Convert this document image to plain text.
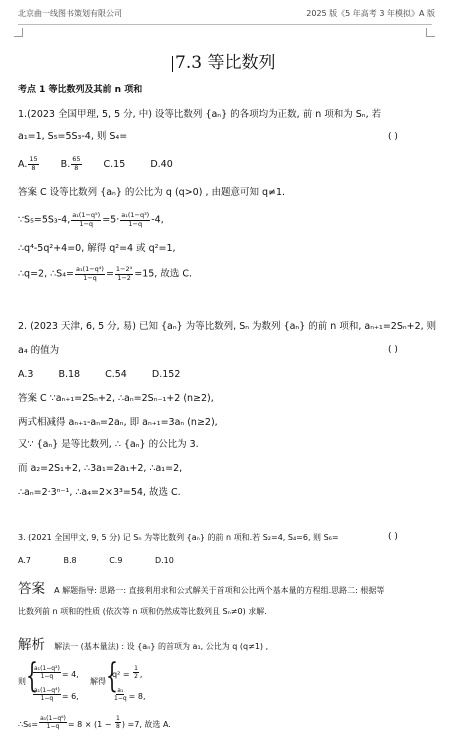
北京曲一线图书策划有限公司	2025 版《5 年高考 3 年模拟》A 版
7.3 等比数列
考点 1 等比数列及其前 n 项和
1.(2023 全国甲理, 5, 5 分, 中) 设等比数列 {aₙ} 的各项均为正数, 前 n 项和为 Sₙ, 若
a₁=1, S₅=5S₃-4, 则 S₄=	( )
A. $\frac{15}{8} B$. $\frac{65}{8} C.15$	D.40
答案 C 设等比数列 {aₙ} 的公比为 q (q>0) , 由题意可知 q≠1.
∵S₅=5S₃-4, $\frac{\text{a₁(1−q⁵)}}{1-q} =5\cdot \frac{\text{a₁(1−q³)}}{1-q} -4$,
∴q⁴-5q²+4=0, 解得 q²=4 或 q²=1,
∴q=2, ∴S₄= $\frac{\text{a₁(1−q⁴)}}{1-q} = \frac{\text{1−2⁴}}{1-2} =15$, 故选 C.
2. (2023 天津, 6, 5 分, 易) 已知 {aₙ} 为等比数列, Sₙ 为数列 {aₙ} 的前 n 项和, aₙ₊₁=2Sₙ+2, 则
a₄ 的值为	( )
A.3	B.18	C.54	D.152
答案 C ∵aₙ₊₁=2Sₙ+2, ∴aₙ=2Sₙ₋₁+2 (n≥2),
两式相减得 aₙ₊₁-aₙ=2aₙ, 即 aₙ₊₁=3aₙ (n≥2),
又∵ {aₙ} 是等比数列, ∴ {aₙ} 的公比为 3.
而 a₂=2S₁+2, ∴3a₁=2a₁+2, ∴a₁=2,
∴aₙ=2·3ⁿ⁻¹, ∴a₄=2×3³=54, 故选 C.
3. (2021 全国甲文, 9, 5 分) 记 Sₙ 为等比数列 {aₙ} 的前 n 项和.若 S₂=4, S₄=6, 则 S₆=	( )
A.7	B.8	C.9	D.10
答案 A 解题指导: 思路一: 直接利用求和公式解关于首项和公比两个基本量的方程组.思路二: 根据等
比数列前 n 项和的性质 (依次等 n 项和仍然成等比数列且 Sₙ≠0) 求解.
解析 解法一 (基本量法) : 设 {aₙ} 的首项为 a₁, 公比为 q (q≠1) ,
则 {
$\frac{\text{a₁(1−q²)}}{1-q} = 4$,
$\frac{\text{a₁(1−q⁴)}}{1-q} = 6$,
解得 {
$q^2 = \frac{1}{2}$ ,
$\frac{\text{a₁}}{1-q} = 8$,
∴S₆= $\frac{\text{a₁(1−q⁶)}}{1-q} = 8 \times (1 - \frac{1}{8}$ ) =7, 故选 A.
